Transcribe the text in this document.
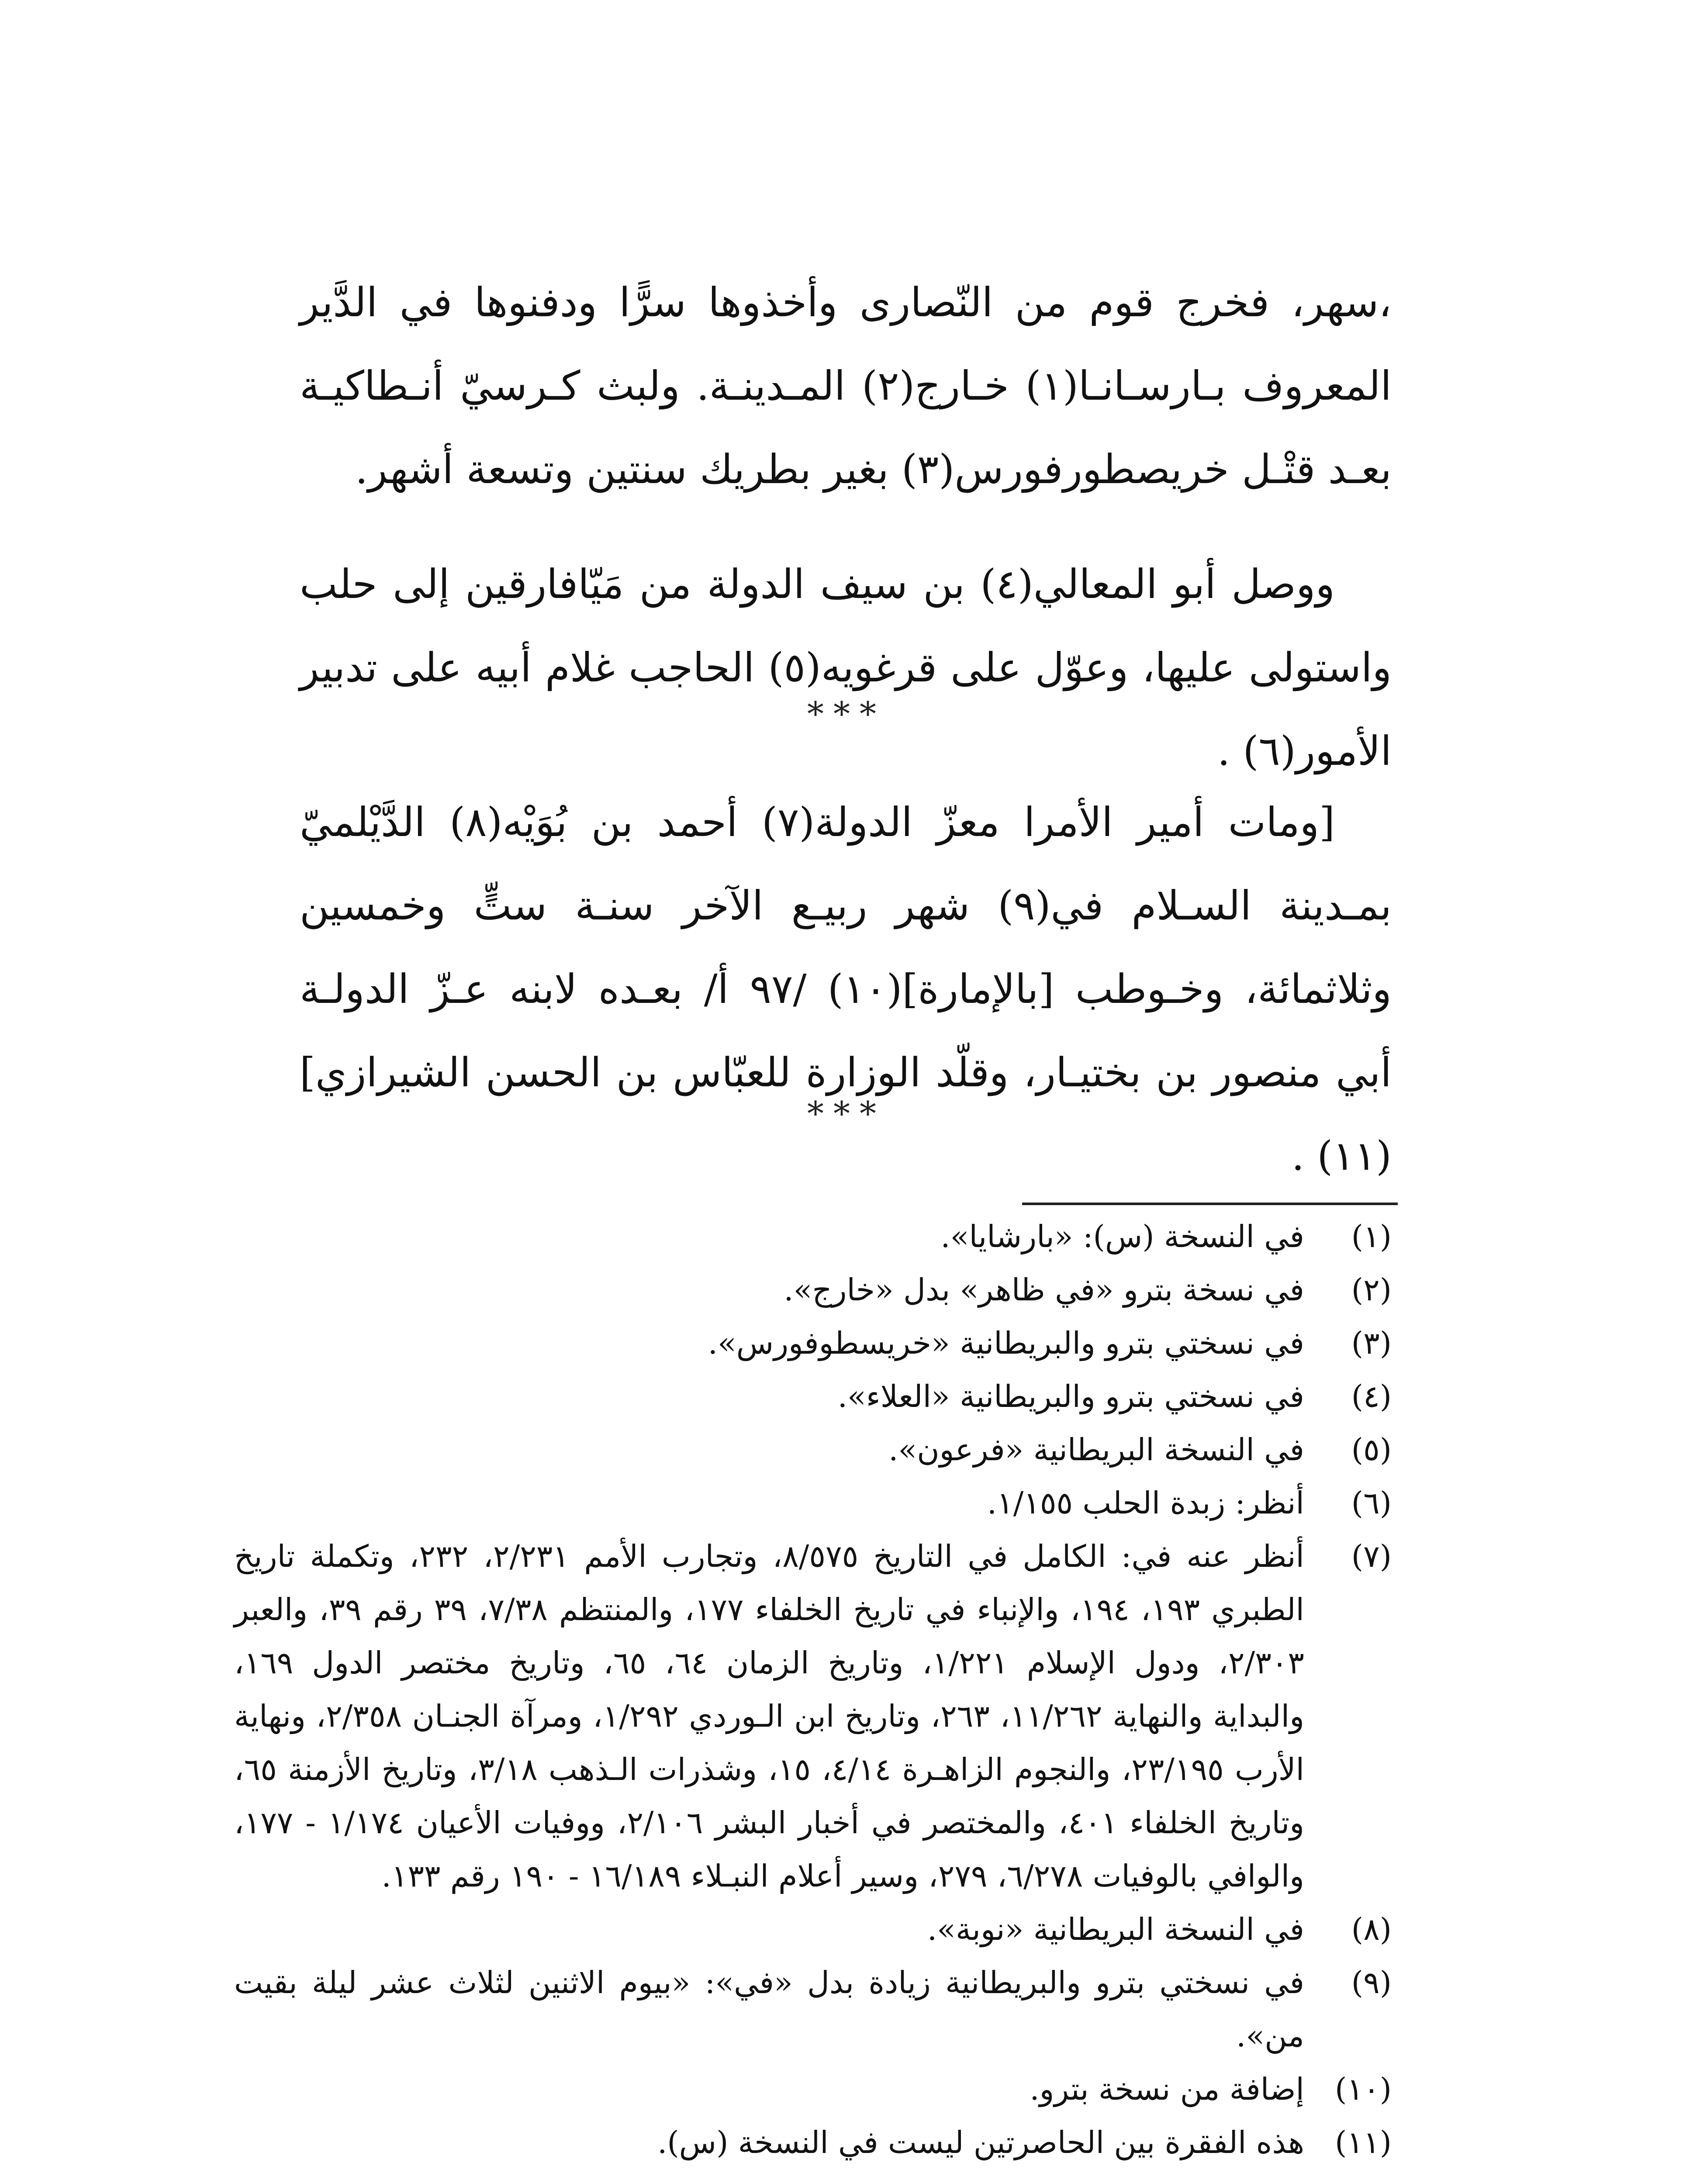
،سهر، فخرج قوم من النّصارى وأخذوها سرًّا ودفنوها في الدَّير المعروف بـارسـانـا(١) خـارج(٢) المـدينـة. ولبث كـرسيّ أنـطاكيـة بعـد قتْـل خريصطورفورس(٣) بغير بطريك سنتين وتسعة أشهر.

ووصل أبو المعالي(٤) بن سيف الدولة من مَيّافارقين إلى حلب واستولى عليها، وعوّل على قرغويه(٥) الحاجب غلام أبيه على تدبير الأمور(٦) .

***

[ومات أمير الأمرا معزّ الدولة(٧) أحمد بن بُوَيْه(٨) الدَّيْلميّ بمـدينة السـلام في(٩) شهر ربيـع الآخر سنـة ستٍّ وخمسين وثلاثمائة، وخـوطب [بالإمارة](١٠) /٩٧ أ/ بعـده لابنه عـزّ الدولـة أبي منصور بن بختيـار، وقلّد الوزارة للعبّاس بن الحسن الشيرازي](١١) .

***
(١)
في النسخة (س): «بارشايا».
(٢)
في نسخة بترو «في ظاهر» بدل «خارج».
(٣)
في نسختي بترو والبريطانية «خريسطوفورس».
(٤)
في نسختي بترو والبريطانية «العلاء».
(٥)
في النسخة البريطانية «فرعون».
(٦)
أنظر: زبدة الحلب ١/١٥٥.
(٧)
أنظر عنه في: الكامل في التاريخ ٨/٥٧٥، وتجارب الأمم ٢/٢٣١، ٢٣٢، وتكملة تاريخ الطبري ١٩٣، ١٩٤، والإنباء في تاريخ الخلفاء ١٧٧، والمنتظم ٧/٣٨، ٣٩ رقم ٣٩، والعبر ٢/٣٠٣، ودول الإسلام ١/٢٢١، وتاريخ الزمان ٦٤، ٦٥، وتاريخ مختصر الدول ١٦٩، والبداية والنهاية ١١/٢٦٢، ٢٦٣، وتاريخ ابن الـوردي ١/٢٩٢، ومرآة الجنـان ٢/٣٥٨، ونهاية الأرب ٢٣/١٩٥، والنجوم الزاهـرة ٤/١٤، ١٥، وشذرات الـذهب ٣/١٨، وتاريخ الأزمنة ٦٥، وتاريخ الخلفاء ٤٠١، والمختصر في أخبار البشر ٢/١٠٦، ووفيات الأعيان ١/١٧٤ - ١٧٧، والوافي بالوفيات ٦/٢٧٨، ٢٧٩، وسير أعلام النبـلاء ١٦/١٨٩ - ١٩٠ رقم ١٣٣.
(٨)
في النسخة البريطانية «نوبة».
(٩)
في نسختي بترو والبريطانية زيادة بدل «في»: «بيوم الاثنين لثلاث عشر ليلة بقيت من».
(١٠)
إضافة من نسخة بترو.
(١١)
هذه الفقرة بين الحاصرتين ليست في النسخة (س).
